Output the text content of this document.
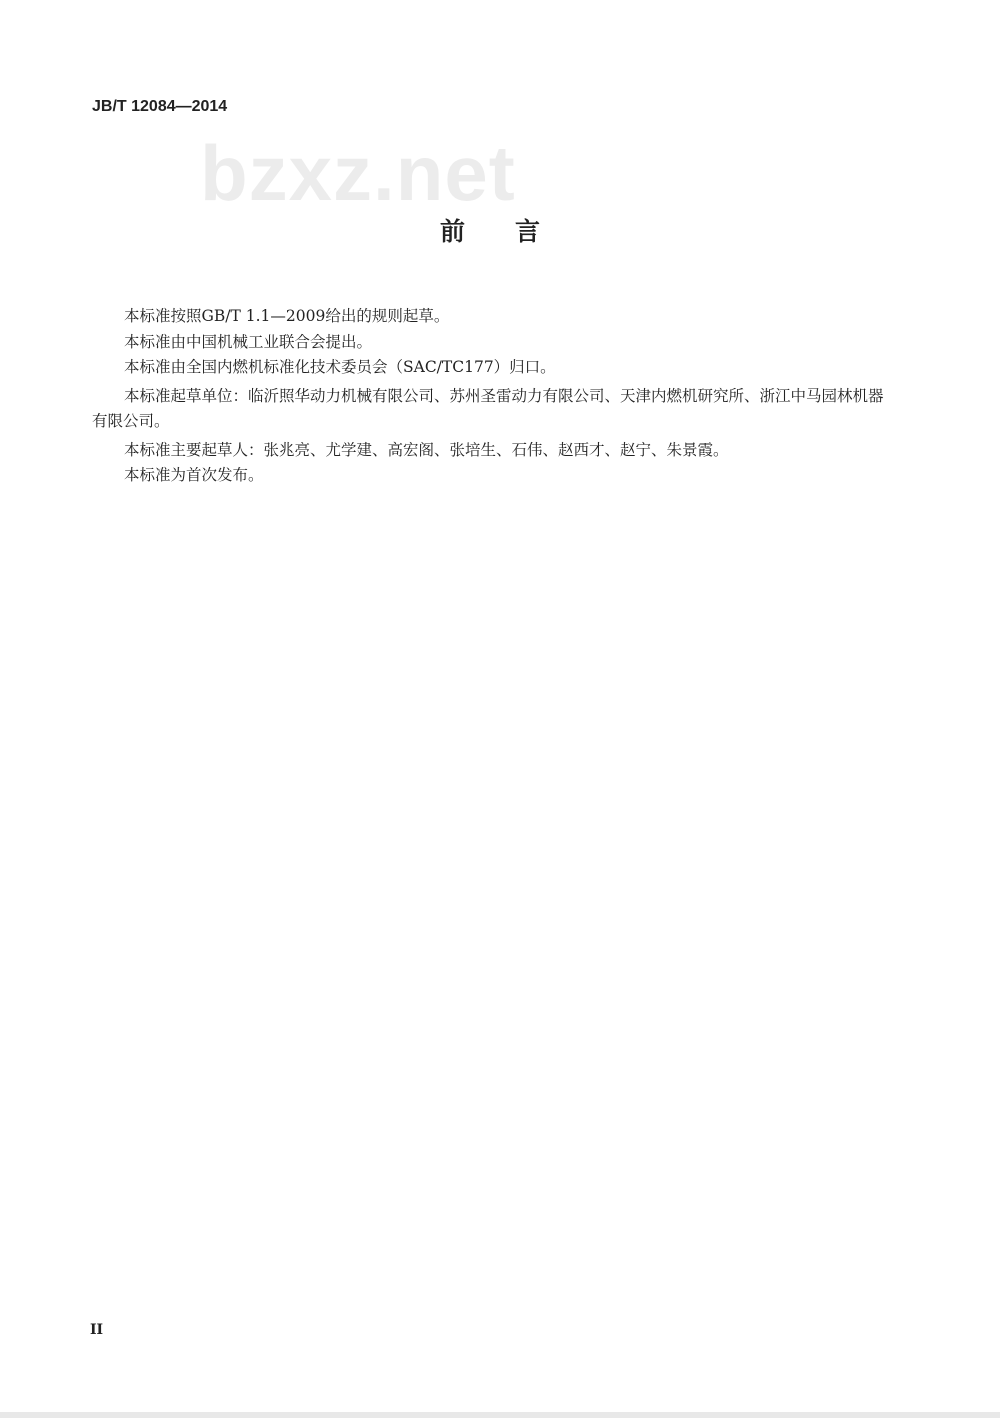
JB/T 12084—2014
bzxz.net
前言

本标准按照GB/T 1.1—2009给出的规则起草。

本标准由中国机械工业联合会提出。

本标准由全国内燃机标准化技术委员会（SAC/TC177）归口。

本标准起草单位：临沂照华动力机械有限公司、苏州圣雷动力有限公司、天津内燃机研究所、浙江中马园林机器有限公司。

本标准主要起草人：张兆亮、尤学建、高宏阁、张培生、石伟、赵西才、赵宁、朱景霞。

本标准为首次发布。

II
